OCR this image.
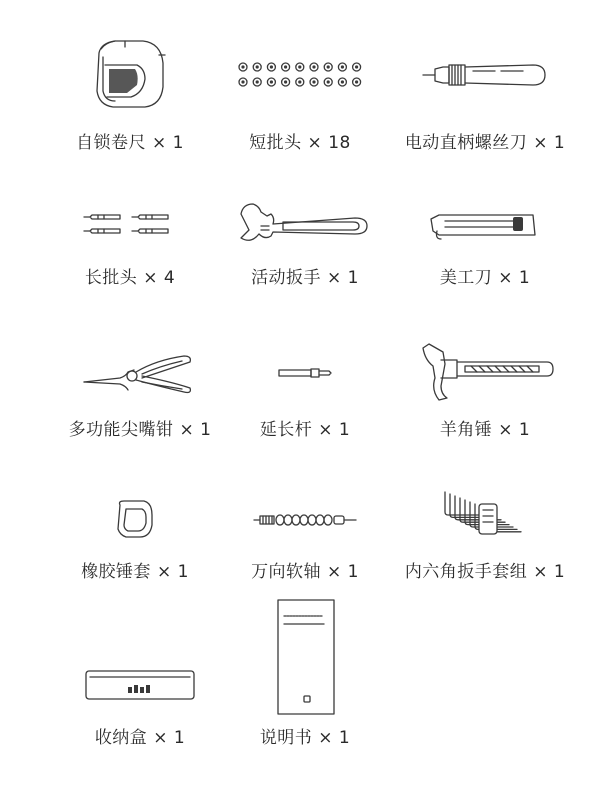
自锁卷尺 × 1	短批头 × 18	电动直柄螺丝刀 × 1
长批头 × 4	活动扳手 × 1	美工刀 × 1
多功能尖嘴钳 × 1	延长杆 × 1	羊角锤 × 1
橡胶锤套 × 1	万向软轴 × 1	内六角扳手套组 × 1
收纳盒 × 1	说明书 × 1
